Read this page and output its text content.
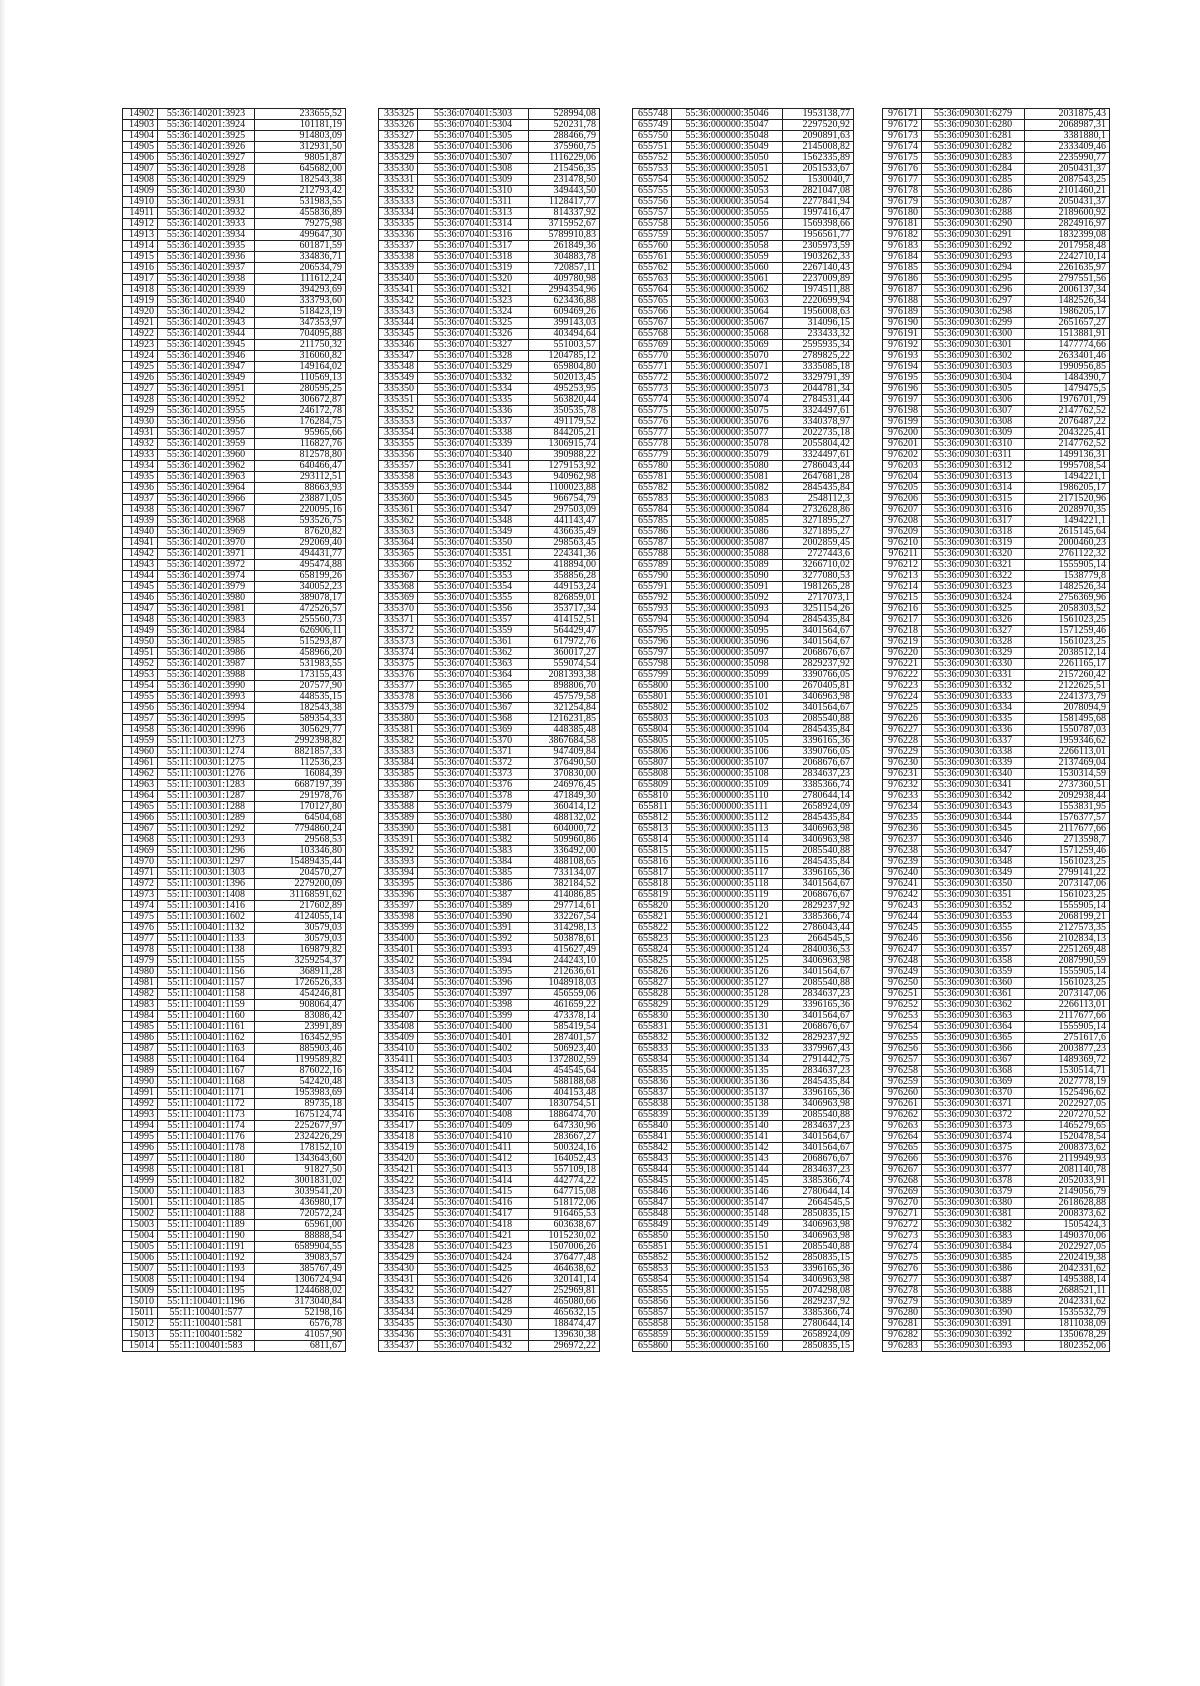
14902	55:36:140201:3923	233655,52
14903	55:36:140201:3924	101181,19
14904	55:36:140201:3925	914803,09
14905	55:36:140201:3926	312931,50
14906	55:36:140201:3927	98051,87
14907	55:36:140201:3928	645682,00
14908	55:36:140201:3929	182543,38
14909	55:36:140201:3930	212793,42
14910	55:36:140201:3931	531983,55
14911	55:36:140201:3932	455836,89
14912	55:36:140201:3933	79275,98
14913	55:36:140201:3934	499647,30
14914	55:36:140201:3935	601871,59
14915	55:36:140201:3936	334836,71
14916	55:36:140201:3937	206534,79
14917	55:36:140201:3938	111612,24
14918	55:36:140201:3939	394293,69
14919	55:36:140201:3940	333793,60
14920	55:36:140201:3942	518423,19
14921	55:36:140201:3943	347353,97
14922	55:36:140201:3944	704095,88
14923	55:36:140201:3945	211750,32
14924	55:36:140201:3946	316060,82
14925	55:36:140201:3947	149164,02
14926	55:36:140201:3949	110569,13
14927	55:36:140201:3951	280595,25
14928	55:36:140201:3952	306672,87
14929	55:36:140201:3955	246172,78
14930	55:36:140201:3956	176284,75
14931	55:36:140201:3957	95965,66
14932	55:36:140201:3959	116827,76
14933	55:36:140201:3960	812578,80
14934	55:36:140201:3962	640466,47
14935	55:36:140201:3963	293112,51
14936	55:36:140201:3964	88663,93
14937	55:36:140201:3966	238871,05
14938	55:36:140201:3967	220095,16
14939	55:36:140201:3968	593526,75
14940	55:36:140201:3969	87620,82
14941	55:36:140201:3970	292069,40
14942	55:36:140201:3971	494431,77
14943	55:36:140201:3972	495474,88
14944	55:36:140201:3974	658199,26
14945	55:36:140201:3979	340052,23
14946	55:36:140201:3980	389078,17
14947	55:36:140201:3981	472526,57
14948	55:36:140201:3983	255560,73
14949	55:36:140201:3984	626906,11
14950	55:36:140201:3985	515293,87
14951	55:36:140201:3986	458966,20
14952	55:36:140201:3987	531983,55
14953	55:36:140201:3988	173155,43
14954	55:36:140201:3990	207577,90
14955	55:36:140201:3993	448535,15
14956	55:36:140201:3994	182543,38
14957	55:36:140201:3995	589354,33
14958	55:36:140201:3996	305629,77
14959	55:11:100301:1273	2992398,82
14960	55:11:100301:1274	8821857,33
14961	55:11:100301:1275	112536,23
14962	55:11:100301:1276	16084,39
14963	55:11:100301:1283	6687197,39
14964	55:11:100301:1287	291978,76
14965	55:11:100301:1288	170127,80
14966	55:11:100301:1289	64504,68
14967	55:11:100301:1292	7794860,24
14968	55:11:100301:1293	29568,53
14969	55:11:100301:1296	103346,80
14970	55:11:100301:1297	15489435,44
14971	55:11:100301:1303	204570,27
14972	55:11:100301:1396	2279200,09
14973	55:11:100301:1408	31168591,62
14974	55:11:100301:1416	217602,89
14975	55:11:100301:1602	4124055,14
14976	55:11:100401:1132	30579,03
14977	55:11:100401:1133	30579,03
14978	55:11:100401:1138	169879,82
14979	55:11:100401:1155	3259254,37
14980	55:11:100401:1156	368911,28
14981	55:11:100401:1157	1726526,33
14982	55:11:100401:1158	454246,81
14983	55:11:100401:1159	908064,47
14984	55:11:100401:1160	83086,42
14985	55:11:100401:1161	23991,89
14986	55:11:100401:1162	163452,95
14987	55:11:100401:1163	885903,46
14988	55:11:100401:1164	1199589,82
14989	55:11:100401:1167	876022,16
14990	55:11:100401:1168	542420,48
14991	55:11:100401:1171	1953983,69
14992	55:11:100401:1172	89735,18
14993	55:11:100401:1173	1675124,74
14994	55:11:100401:1174	2252677,97
14995	55:11:100401:1176	2324226,29
14996	55:11:100401:1178	178152,10
14997	55:11:100401:1180	1343643,60
14998	55:11:100401:1181	91827,50
14999	55:11:100401:1182	3001831,02
15000	55:11:100401:1183	3039541,20
15001	55:11:100401:1185	436980,17
15002	55:11:100401:1188	720572,24
15003	55:11:100401:1189	65961,00
15004	55:11:100401:1190	88888,54
15005	55:11:100401:1191	6589904,55
15006	55:11:100401:1192	39083,57
15007	55:11:100401:1193	385767,49
15008	55:11:100401:1194	1306724,94
15009	55:11:100401:1195	1244688,02
15010	55:11:100401:1196	3173040,84
15011	55:11:100401:577	52198,16
15012	55:11:100401:581	6576,78
15013	55:11:100401:582	41057,90
15014	55:11:100401:583	6811,67
335325	55:36:070401:5303	528994,08
335326	55:36:070401:5304	520231,78
335327	55:36:070401:5305	288466,79
335328	55:36:070401:5306	375960,75
335329	55:36:070401:5307	1116229,06
335330	55:36:070401:5308	215456,35
335331	55:36:070401:5309	231478,50
335332	55:36:070401:5310	349443,50
335333	55:36:070401:5311	1128417,77
335334	55:36:070401:5313	814337,92
335335	55:36:070401:5314	3715952,67
335336	55:36:070401:5316	5789910,83
335337	55:36:070401:5317	261849,36
335338	55:36:070401:5318	304883,78
335339	55:36:070401:5319	720857,11
335340	55:36:070401:5320	409780,98
335341	55:36:070401:5321	2994354,96
335342	55:36:070401:5323	623436,88
335343	55:36:070401:5324	609469,26
335344	55:36:070401:5325	399143,03
335345	55:36:070401:5326	403494,64
335346	55:36:070401:5327	551003,57
335347	55:36:070401:5328	1204785,12
335348	55:36:070401:5329	659804,80
335349	55:36:070401:5332	502013,45
335350	55:36:070401:5334	495253,95
335351	55:36:070401:5335	563820,44
335352	55:36:070401:5336	350535,78
335353	55:36:070401:5337	491179,52
335354	55:36:070401:5338	844205,21
335355	55:36:070401:5339	1306915,74
335356	55:36:070401:5340	390988,22
335357	55:36:070401:5341	1279153,92
335358	55:36:070401:5343	940962,98
335359	55:36:070401:5344	1100023,88
335360	55:36:070401:5345	966754,79
335361	55:36:070401:5347	297503,09
335362	55:36:070401:5348	441143,47
335363	55:36:070401:5349	436635,49
335364	55:36:070401:5350	298563,45
335365	55:36:070401:5351	224341,36
335366	55:36:070401:5352	418894,00
335367	55:36:070401:5353	358856,28
335368	55:36:070401:5354	449153,24
335369	55:36:070401:5355	826859,01
335370	55:36:070401:5356	353717,34
335371	55:36:070401:5357	414152,51
335372	55:36:070401:5359	564429,47
335373	55:36:070401:5361	617972,76
335374	55:36:070401:5362	360017,27
335375	55:36:070401:5363	559074,54
335376	55:36:070401:5364	2081393,38
335377	55:36:070401:5365	898806,70
335378	55:36:070401:5366	457579,58
335379	55:36:070401:5367	321254,84
335380	55:36:070401:5368	1216231,85
335381	55:36:070401:5369	448385,48
335382	55:36:070401:5370	3867684,58
335383	55:36:070401:5371	947409,84
335384	55:36:070401:5372	376490,50
335385	55:36:070401:5373	370830,00
335386	55:36:070401:5376	246976,45
335387	55:36:070401:5378	471849,30
335388	55:36:070401:5379	360414,12
335389	55:36:070401:5380	488132,02
335390	55:36:070401:5381	604000,72
335391	55:36:070401:5382	509960,86
335392	55:36:070401:5383	336492,00
335393	55:36:070401:5384	488108,65
335394	55:36:070401:5385	733134,07
335395	55:36:070401:5386	382184,52
335396	55:36:070401:5387	414086,85
335397	55:36:070401:5389	297714,61
335398	55:36:070401:5390	332267,54
335399	55:36:070401:5391	314298,13
335400	55:36:070401:5392	503878,61
335401	55:36:070401:5393	415627,49
335402	55:36:070401:5394	244243,10
335403	55:36:070401:5395	212636,61
335404	55:36:070401:5396	1048918,03
335405	55:36:070401:5397	456559,06
335406	55:36:070401:5398	461659,22
335407	55:36:070401:5399	473378,14
335408	55:36:070401:5400	585419,54
335409	55:36:070401:5401	287401,57
335410	55:36:070401:5402	506923,40
335411	55:36:070401:5403	1372802,59
335412	55:36:070401:5404	454545,64
335413	55:36:070401:5405	588188,68
335414	55:36:070401:5406	404153,48
335415	55:36:070401:5407	1830754,51
335416	55:36:070401:5408	1886474,70
335417	55:36:070401:5409	647330,96
335418	55:36:070401:5410	283667,27
335419	55:36:070401:5411	500324,16
335420	55:36:070401:5412	164052,43
335421	55:36:070401:5413	557109,18
335422	55:36:070401:5414	442774,22
335423	55:36:070401:5415	647715,08
335424	55:36:070401:5416	518172,06
335425	55:36:070401:5417	916465,53
335426	55:36:070401:5418	603638,67
335427	55:36:070401:5421	1015230,02
335428	55:36:070401:5423	1507006,26
335429	55:36:070401:5424	376477,48
335430	55:36:070401:5425	464638,62
335431	55:36:070401:5426	320141,14
335432	55:36:070401:5427	252969,81
335433	55:36:070401:5428	465080,66
335434	55:36:070401:5429	465632,15
335435	55:36:070401:5430	188474,47
335436	55:36:070401:5431	139630,38
335437	55:36:070401:5432	296972,22
655748	55:36:000000:35046	1953138,77
655749	55:36:000000:35047	2297520,92
655750	55:36:000000:35048	2090891,63
655751	55:36:000000:35049	2145008,82
655752	55:36:000000:35050	1562335,89
655753	55:36:000000:35051	2051533,67
655754	55:36:000000:35052	1530040,7
655755	55:36:000000:35053	2821047,08
655756	55:36:000000:35054	2277841,94
655757	55:36:000000:35055	1997416,47
655758	55:36:000000:35056	1569398,66
655759	55:36:000000:35057	1956561,77
655760	55:36:000000:35058	2305973,59
655761	55:36:000000:35059	1903262,33
655762	55:36:000000:35060	2267140,43
655763	55:36:000000:35061	2237009,89
655764	55:36:000000:35062	1974511,88
655765	55:36:000000:35063	2220699,94
655766	55:36:000000:35064	1956008,63
655767	55:36:000000:35067	314096,15
655768	55:36:000000:35068	233433,32
655769	55:36:000000:35069	2595935,34
655770	55:36:000000:35070	2789825,22
655771	55:36:000000:35071	3335085,18
655772	55:36:000000:35072	3329791,39
655773	55:36:000000:35073	2044781,34
655774	55:36:000000:35074	2784531,44
655775	55:36:000000:35075	3324497,61
655776	55:36:000000:35076	3340378,97
655777	55:36:000000:35077	2022735,18
655778	55:36:000000:35078	2055804,42
655779	55:36:000000:35079	3324497,61
655780	55:36:000000:35080	2786043,44
655781	55:36:000000:35081	2647681,28
655782	55:36:000000:35082	2845435,84
655783	55:36:000000:35083	2548112,3
655784	55:36:000000:35084	2732628,86
655785	55:36:000000:35085	3271895,27
655786	55:36:000000:35086	3271895,27
655787	55:36:000000:35087	2002859,45
655788	55:36:000000:35088	2727443,6
655789	55:36:000000:35089	3266710,02
655790	55:36:000000:35090	3277080,53
655791	55:36:000000:35091	1981265,28
655792	55:36:000000:35092	2717073,1
655793	55:36:000000:35093	3251154,26
655794	55:36:000000:35094	2845435,84
655795	55:36:000000:35095	3401564,67
655796	55:36:000000:35096	3401564,67
655797	55:36:000000:35097	2068676,67
655798	55:36:000000:35098	2829237,92
655799	55:36:000000:35099	3390766,05
655800	55:36:000000:35100	2670405,81
655801	55:36:000000:35101	3406963,98
655802	55:36:000000:35102	3401564,67
655803	55:36:000000:35103	2085540,88
655804	55:36:000000:35104	2845435,84
655805	55:36:000000:35105	3396165,36
655806	55:36:000000:35106	3390766,05
655807	55:36:000000:35107	2068676,67
655808	55:36:000000:35108	2834637,23
655809	55:36:000000:35109	3385366,74
655810	55:36:000000:35110	2780644,14
655811	55:36:000000:35111	2658924,09
655812	55:36:000000:35112	2845435,84
655813	55:36:000000:35113	3406963,98
655814	55:36:000000:35114	3406963,98
655815	55:36:000000:35115	2085540,88
655816	55:36:000000:35116	2845435,84
655817	55:36:000000:35117	3396165,36
655818	55:36:000000:35118	3401564,67
655819	55:36:000000:35119	2068676,67
655820	55:36:000000:35120	2829237,92
655821	55:36:000000:35121	3385366,74
655822	55:36:000000:35122	2786043,44
655823	55:36:000000:35123	2664545,5
655824	55:36:000000:35124	2840036,53
655825	55:36:000000:35125	3406963,98
655826	55:36:000000:35126	3401564,67
655827	55:36:000000:35127	2085540,88
655828	55:36:000000:35128	2834637,23
655829	55:36:000000:35129	3396165,36
655830	55:36:000000:35130	3401564,67
655831	55:36:000000:35131	2068676,67
655832	55:36:000000:35132	2829237,92
655833	55:36:000000:35133	3379967,43
655834	55:36:000000:35134	2791442,75
655835	55:36:000000:35135	2834637,23
655836	55:36:000000:35136	2845435,84
655837	55:36:000000:35137	3396165,36
655838	55:36:000000:35138	3406963,98
655839	55:36:000000:35139	2085540,88
655840	55:36:000000:35140	2834637,23
655841	55:36:000000:35141	3401564,67
655842	55:36:000000:35142	3401564,67
655843	55:36:000000:35143	2068676,67
655844	55:36:000000:35144	2834637,23
655845	55:36:000000:35145	3385366,74
655846	55:36:000000:35146	2780644,14
655847	55:36:000000:35147	2664545,5
655848	55:36:000000:35148	2850835,15
655849	55:36:000000:35149	3406963,98
655850	55:36:000000:35150	3406963,98
655851	55:36:000000:35151	2085540,88
655852	55:36:000000:35152	2850835,15
655853	55:36:000000:35153	3396165,36
655854	55:36:000000:35154	3406963,98
655855	55:36:000000:35155	2074298,08
655856	55:36:000000:35156	2829237,92
655857	55:36:000000:35157	3385366,74
655858	55:36:000000:35158	2780644,14
655859	55:36:000000:35159	2658924,09
655860	55:36:000000:35160	2850835,15
976171	55:36:090301:6279	2031875,43
976172	55:36:090301:6280	2068987,31
976173	55:36:090301:6281	3381880,1
976174	55:36:090301:6282	2333409,46
976175	55:36:090301:6283	2235990,77
976176	55:36:090301:6284	2050431,37
976177	55:36:090301:6285	2087543,25
976178	55:36:090301:6286	2101460,21
976179	55:36:090301:6287	2050431,37
976180	55:36:090301:6288	2189600,92
976181	55:36:090301:6290	2824916,97
976182	55:36:090301:6291	1832399,08
976183	55:36:090301:6292	2017958,48
976184	55:36:090301:6293	2242710,14
976185	55:36:090301:6294	2261635,97
976186	55:36:090301:6295	2797551,56
976187	55:36:090301:6296	2006137,34
976188	55:36:090301:6297	1482526,34
976189	55:36:090301:6298	1986205,17
976190	55:36:090301:6299	2651657,27
976191	55:36:090301:6300	1513881,91
976192	55:36:090301:6301	1477774,66
976193	55:36:090301:6302	2633401,46
976194	55:36:090301:6303	1990956,85
976195	55:36:090301:6304	1484390,7
976196	55:36:090301:6305	1479475,5
976197	55:36:090301:6306	1976701,79
976198	55:36:090301:6307	2147762,52
976199	55:36:090301:6308	2076487,22
976200	55:36:090301:6309	2043225,41
976201	55:36:090301:6310	2147762,52
976202	55:36:090301:6311	1499136,31
976203	55:36:090301:6312	1995708,54
976204	55:36:090301:6313	1494221,1
976205	55:36:090301:6314	1986205,17
976206	55:36:090301:6315	2171520,96
976207	55:36:090301:6316	2028970,35
976208	55:36:090301:6317	1494221,1
976209	55:36:090301:6318	2615145,64
976210	55:36:090301:6319	2000460,23
976211	55:36:090301:6320	2761122,32
976212	55:36:090301:6321	1555905,14
976213	55:36:090301:6322	1538779,8
976214	55:36:090301:6323	1482526,34
976215	55:36:090301:6324	2756369,96
976216	55:36:090301:6325	2058303,52
976217	55:36:090301:6326	1561023,25
976218	55:36:090301:6327	1571259,46
976219	55:36:090301:6328	1561023,25
976220	55:36:090301:6329	2038512,14
976221	55:36:090301:6330	2261165,17
976222	55:36:090301:6331	2157260,42
976223	55:36:090301:6332	2122625,51
976224	55:36:090301:6333	2241373,79
976225	55:36:090301:6334	2078094,9
976226	55:36:090301:6335	1581495,68
976227	55:36:090301:6336	1550787,03
976228	55:36:090301:6337	1959346,62
976229	55:36:090301:6338	2266113,01
976230	55:36:090301:6339	2137469,04
976231	55:36:090301:6340	1530314,59
976232	55:36:090301:6341	2737360,51
976233	55:36:090301:6342	2092938,44
976234	55:36:090301:6343	1553831,95
976235	55:36:090301:6344	1576377,57
976236	55:36:090301:6345	2117677,66
976237	55:36:090301:6346	2713598,7
976238	55:36:090301:6347	1571259,46
976239	55:36:090301:6348	1561023,25
976240	55:36:090301:6349	2799141,22
976241	55:36:090301:6350	2073147,06
976242	55:36:090301:6351	1561023,25
976243	55:36:090301:6352	1555905,14
976244	55:36:090301:6353	2068199,21
976245	55:36:090301:6355	2127573,35
976246	55:36:090301:6356	2102834,13
976247	55:36:090301:6357	2251269,48
976248	55:36:090301:6358	2087990,59
976249	55:36:090301:6359	1555905,14
976250	55:36:090301:6360	1561023,25
976251	55:36:090301:6361	2073147,06
976252	55:36:090301:6362	2266113,01
976253	55:36:090301:6363	2117677,66
976254	55:36:090301:6364	1555905,14
976255	55:36:090301:6365	2751617,6
976256	55:36:090301:6366	2003877,23
976257	55:36:090301:6367	1489369,72
976258	55:36:090301:6368	1530514,71
976259	55:36:090301:6369	2027778,19
976260	55:36:090301:6370	1525496,62
976261	55:36:090301:6371	2022927,05
976262	55:36:090301:6372	2207270,52
976263	55:36:090301:6373	1465279,65
976264	55:36:090301:6374	1520478,54
976265	55:36:090301:6375	2008373,62
976266	55:36:090301:6376	2119949,93
976267	55:36:090301:6377	2081140,78
976268	55:36:090301:6378	2052033,91
976269	55:36:090301:6379	2149056,79
976270	55:36:090301:6380	2618628,88
976271	55:36:090301:6381	2008373,62
976272	55:36:090301:6382	1505424,3
976273	55:36:090301:6383	1490370,06
976274	55:36:090301:6384	2022927,05
976275	55:36:090301:6385	2202419,38
976276	55:36:090301:6386	2042331,62
976277	55:36:090301:6387	1495388,14
976278	55:36:090301:6388	2688521,11
976279	55:36:090301:6389	2042331,62
976280	55:36:090301:6390	1535532,79
976281	55:36:090301:6391	1811038,09
976282	55:36:090301:6392	1350678,29
976283	55:36:090301:6393	1802352,06
